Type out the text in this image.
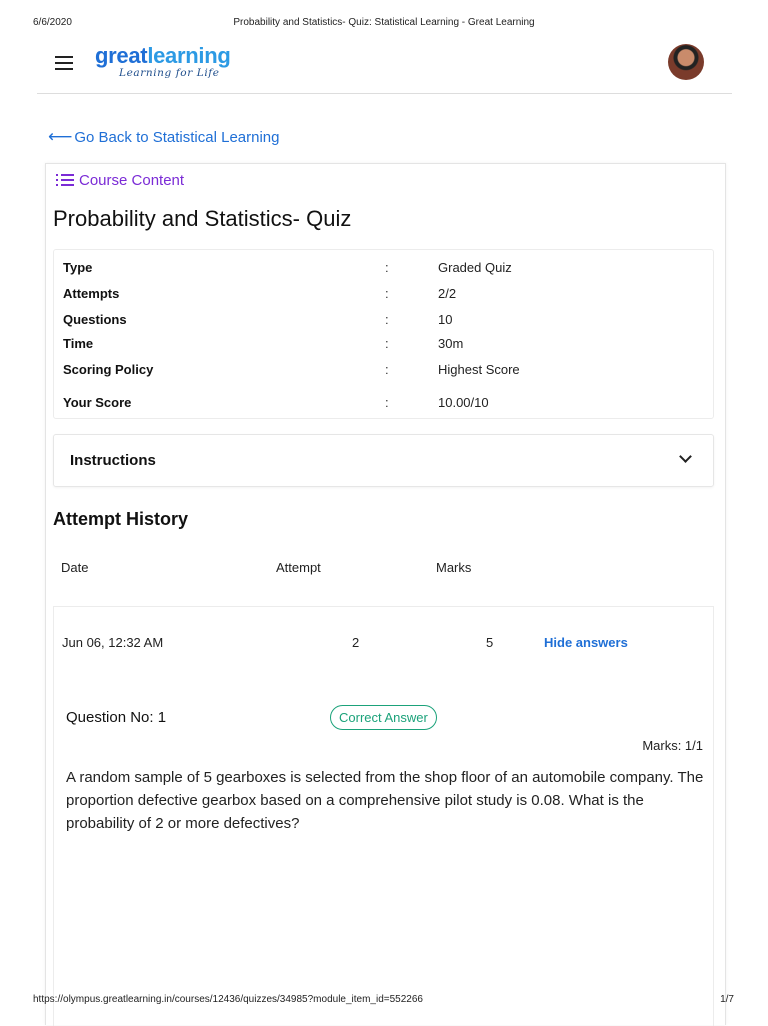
6/6/2020	Probability and Statistics- Quiz: Statistical Learning - Great Learning
greatlearning
Learning for Life
⟵ Go Back to Statistical Learning
Course Content
Probability and Statistics- Quiz
Type	:	Graded Quiz
Attempts	:	2/2
Questions	:	10
Time	:	30m
Scoring Policy	:	Highest Score
Your Score	:	10.00/10
Instructions
Attempt History
Date	Attempt	Marks
Jun 06, 12:32 AM	2	5	Hide answers
Question No: 1	Correct Answer
Marks: 1/1
A random sample of 5 gearboxes is selected from the shop floor of an automobile company. The proportion defective gearbox based on a comprehensive pilot study is 0.08. What is the probability of 2 or more defectives?
https://olympus.greatlearning.in/courses/12436/quizzes/34985?module_item_id=552266	1/7
